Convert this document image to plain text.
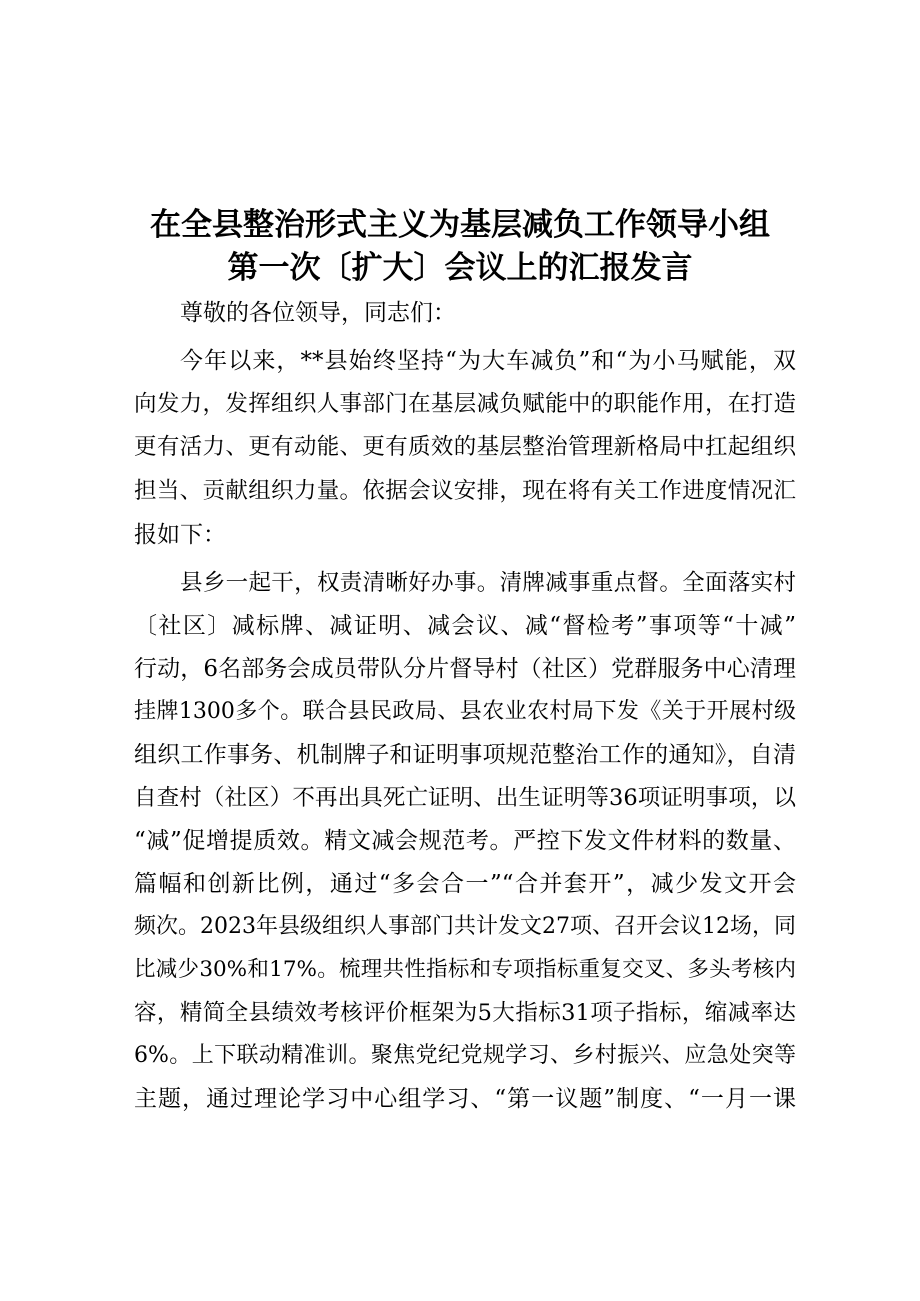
在全县整治形式主义为基层减负工作领导小组
第一次〔扩大〕会议上的汇报发言
尊敬的各位领导，同志们：
今年以来，**县始终坚持“为大车减负”和“为小马赋能，双
向发力，发挥组织人事部门在基层减负赋能中的职能作用，在打造
更有活力、更有动能、更有质效的基层整治管理新格局中扛起组织
担当、贡献组织力量。依据会议安排，现在将有关工作进度情况汇
报如下：
县乡一起干，权责清晰好办事。清牌减事重点督。全面落实村
〔社区〕减标牌、减证明、减会议、减“督检考”事项等“十减”
行动，6名部务会成员带队分片督导村（社区）党群服务中心清理
挂牌1300多个。联合县民政局、县农业农村局下发《关于开展村级
组织工作事务、机制牌子和证明事项规范整治工作的通知》，自清
自查村（社区）不再出具死亡证明、出生证明等36项证明事项，以
“减”促增提质效。精文减会规范考。严控下发文件材料的数量、
篇幅和创新比例，通过“多会合一”“合并套开”，减少发文开会
频次。2023年县级组织人事部门共计发文27项、召开会议12场，同
比减少30%和17%。梳理共性指标和专项指标重复交叉、多头考核内
容，精简全县绩效考核评价框架为5大指标31项子指标，缩减率达
6%。上下联动精准训。聚焦党纪党规学习、乡村振兴、应急处突等
主题，通过理论学习中心组学习、“第一议题”制度、“一月一课
